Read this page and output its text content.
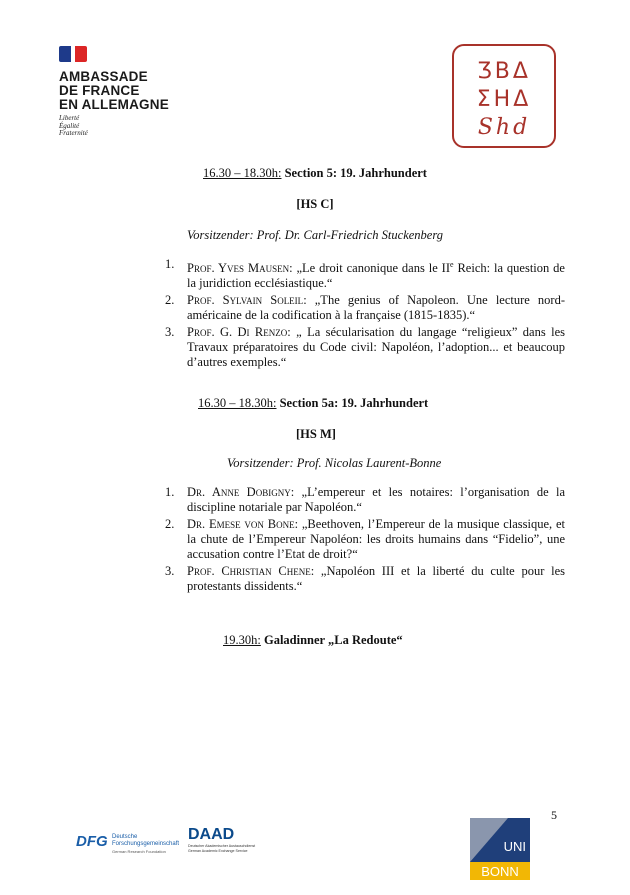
AMBASSADE
DE FRANCE
EN ALLEMAGNE
Liberté
Égalité
Fraternité
ƷBΔ
ΣHΔ
Shd
16.30 – 18.30h: Section 5: 19. Jahrhundert
[HS C]
Vorsitzender: Prof. Dr. Carl-Friedrich Stuckenberg
1. Prof. Yves Mausen: „Le droit canonique dans le IIe Reich: la question de la juridiction ecclésiastique.“
2. Prof. Sylvain Soleil: „The genius of Napoleon. Une lecture nord-américaine de la codification à la française (1815-1835).“
3. Prof. G. Di Renzo: „ La sécularisation du langage “religieux” dans les Travaux préparatoires du Code civil: Napoléon, l’adoption... et beaucoup d’autres exemples.“
16.30 – 18.30h: Section 5a: 19. Jahrhundert
[HS M]
Vorsitzender: Prof. Nicolas Laurent-Bonne
1. Dr. Anne Dobigny: „L’empereur et les notaires: l’organisation de la discipline notariale par Napoléon.“
2. Dr. Emese von Bone: „Beethoven, l’Empereur de la musique classique, et la chute de l’Empereur Napoléon: les droits humains dans “Fidelio”, une accusation contre l’Etat de droit?“
3. Prof. Christian Chene: „Napoléon III et la liberté du culte pour les protestants dissidents.“
19.30h: Galadinner „La Redoute“
5
DFG Deutsche
Forschungsgemeinschaft
German Research Foundation
DAAD
Deutscher Akademischer Austauschdienst
German Academic Exchange Service	UNI
BONN
